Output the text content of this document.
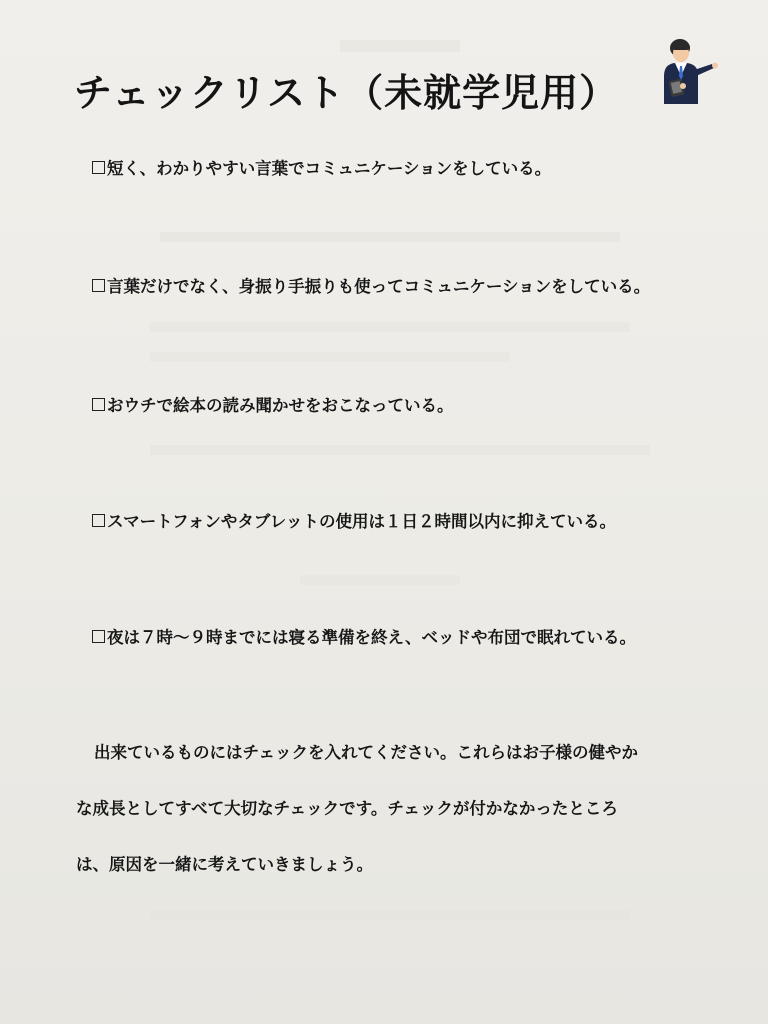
チェックリスト（未就学児用）
短く、わかりやすい言葉でコミュニケーションをしている。
言葉だけでなく、身振り手振りも使ってコミュニケーションをしている。
おウチで絵本の読み聞かせをおこなっている。
スマートフォンやタブレットの使用は１日２時間以内に抑えている。
夜は７時〜９時までには寝る準備を終え、ベッドや布団で眠れている。
出来ているものにはチェックを入れてください。これらはお子様の健やか
な成長としてすべて大切なチェックです。チェックが付かなかったところ
は、原因を一緒に考えていきましょう。
